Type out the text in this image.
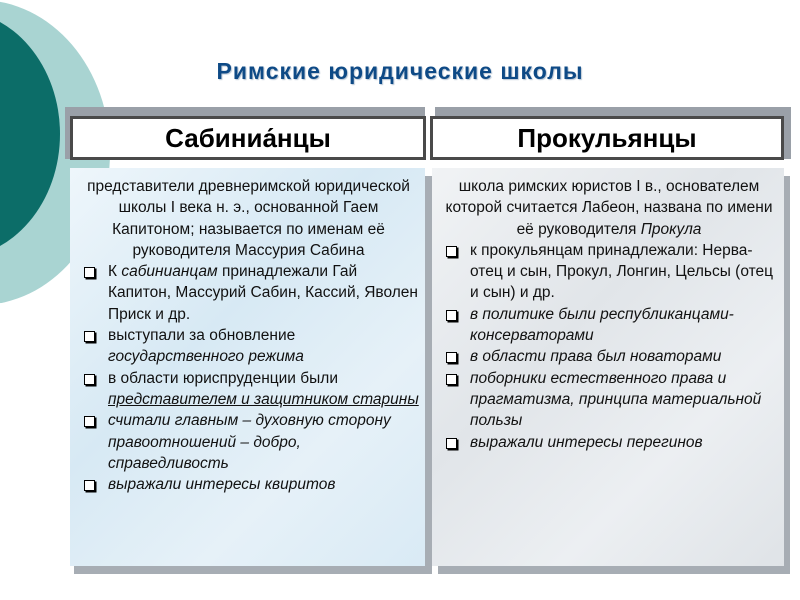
Римские юридические школы
Сабиниа́нцы	Прокульянцы
представители древнеримской юридической школы I века н. э., основанной Гаем Капитоном; называется по именам её руководителя Массурия Сабина
К сабинианцам принадлежали Гай Капитон, Массурий Сабин, Кассий, Яволен Приск и др.
выступали за обновление государственного режима
в области юриспруденции были представителем и защитником старины
считали главным – духовную сторону правоотношений – добро, справедливость
выражали интересы квиритов
школа римских юристов I в., основателем которой считается Лабеон, названа по имени её руководителя Прокула
к прокульянцам принадлежали: Нерва-отец и сын, Прокул, Лонгин, Цельсы (отец и сын) и др.
в политике были республиканцами-консерваторами
в области права был новаторами
поборники естественного права и прагматизма, принципа материальной пользы
выражали интересы перегинов
